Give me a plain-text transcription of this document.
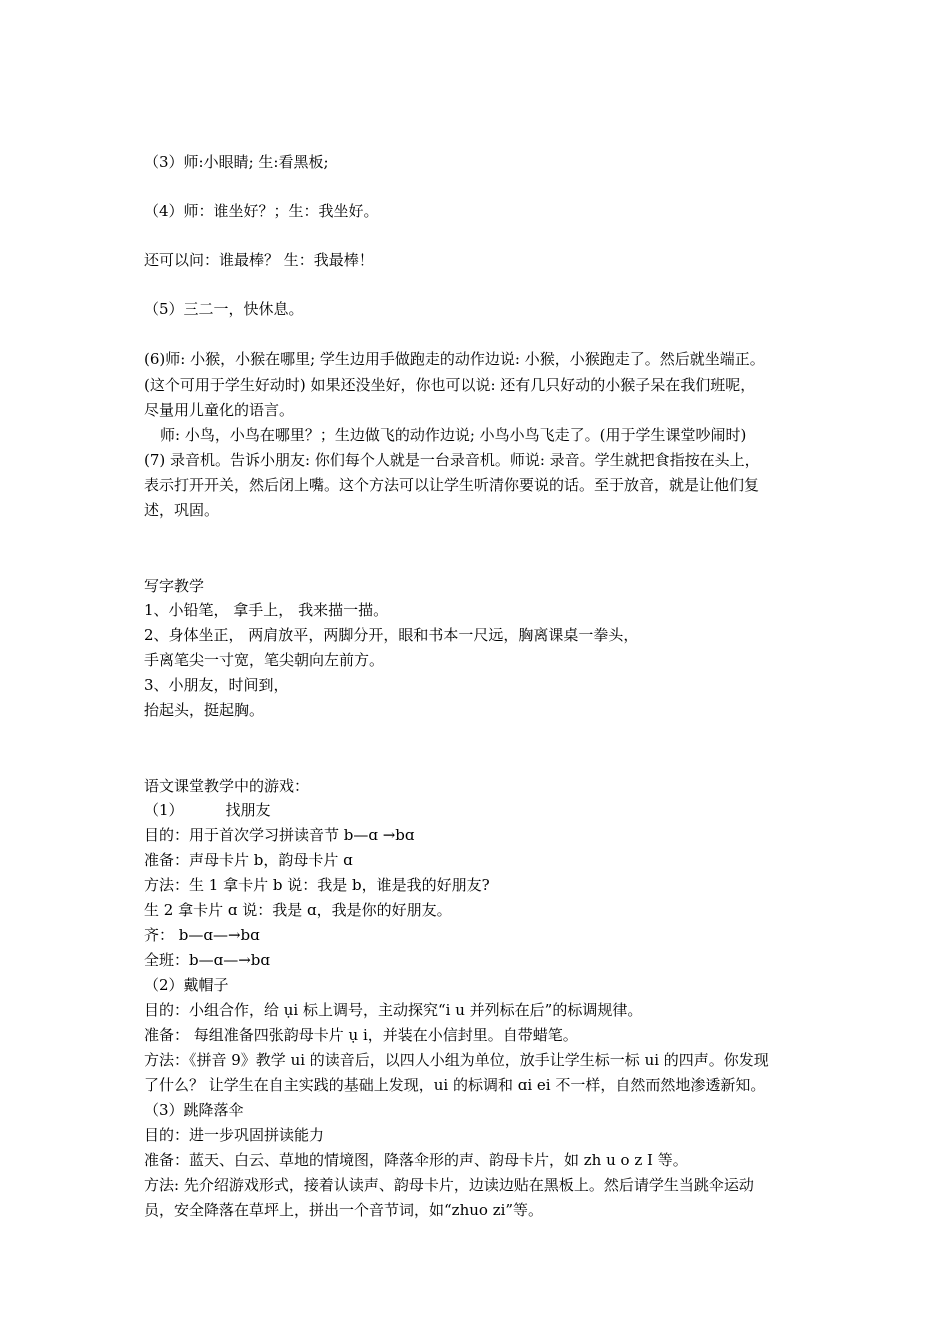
（3）师:小眼睛; 生:看黑板;
（4）师：谁坐好？；生：我坐好。
还可以问：谁最棒？ 生：我最棒！
（5）三二一，快休息。
(6)师: 小猴，小猴在哪里; 学生边用手做跑走的动作边说: 小猴，小猴跑走了。然后就坐端正。
(这个可用于学生好动时) 如果还没坐好，你也可以说: 还有几只好动的小猴子呆在我们班呢，
尽量用儿童化的语言。
师: 小鸟，小鸟在哪里？；生边做飞的动作边说; 小鸟小鸟飞走了。(用于学生课堂吵闹时)
(7) 录音机。告诉小朋友: 你们每个人就是一台录音机。师说: 录音。学生就把食指按在头上，
表示打开开关，然后闭上嘴。这个方法可以让学生听清你要说的话。至于放音，就是让他们复
述，巩固。
写字教学
1、小铅笔， 拿手上， 我来描一描。
2、身体坐正， 两肩放平，两脚分开，眼和书本一尺远，胸离课桌一拳头，
手离笔尖一寸宽，笔尖朝向左前方。
3、小朋友，时间到，
抬起头，挺起胸。
语文课堂教学中的游戏：
（1）	找朋友
目的：用于首次学习拼读音节 b—ɑ →bɑ
准备：声母卡片 b，韵母卡片 ɑ
方法：生 1 拿卡片 b 说：我是 b，谁是我的好朋友?
生 2 拿卡片 ɑ 说：我是 ɑ，我是你的好朋友。
齐： b—ɑ—→bɑ
全班：b—ɑ—→bɑ
（2）戴帽子
目的：小组合作，给 ụi 标上调号，主动探究“i u 并列标在后”的标调规律。
准备： 每组准备四张韵母卡片 ụ i，并装在小信封里。自带蜡笔。
方法：《拼音 9》教学 ui 的读音后，以四人小组为单位，放手让学生标一标 ui 的四声。你发现
了什么？ 让学生在自主实践的基础上发现，ui 的标调和 ɑi ei 不一样，自然而然地渗透新知。
（3）跳降落伞
目的：进一步巩固拼读能力
准备：蓝天、白云、草地的情境图，降落伞形的声、韵母卡片，如 zh u o z I 等。
方法: 先介绍游戏形式，接着认读声、韵母卡片，边读边贴在黑板上。然后请学生当跳伞运动
员，安全降落在草坪上，拼出一个音节词，如“zhuo zi”等。
